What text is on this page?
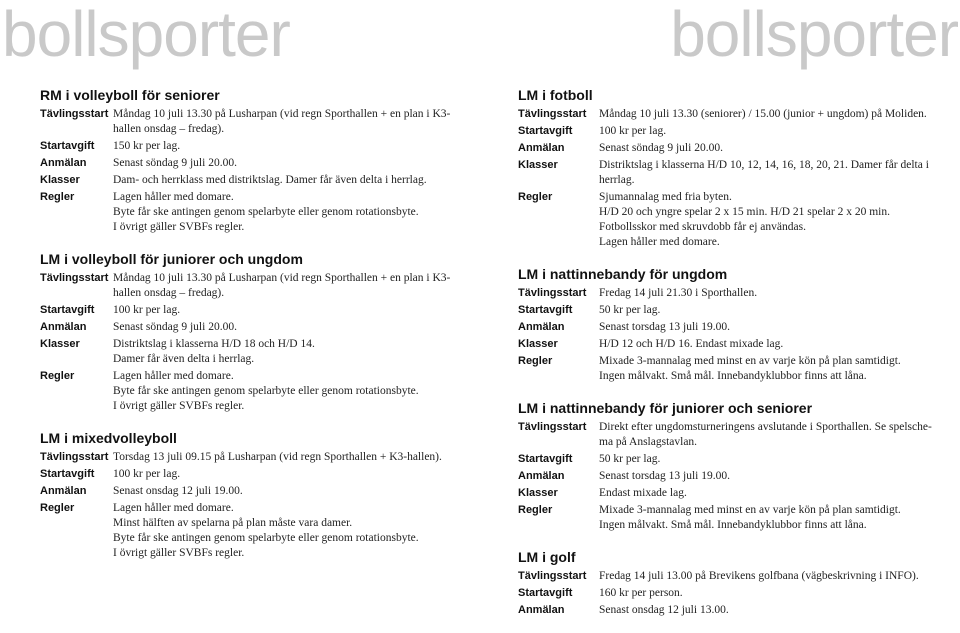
bollsporter	bollsporter
RM i volleyboll för seniorer
Tävlingsstart Måndag 10 juli 13.30 på Lusharpan (vid regn Sporthallen + en plan i K3-
hallen onsdag – fredag).
Startavgift	150 kr per lag.
Anmälan	Senast söndag 9 juli 20.00.
Klasser	Dam- och herrklass med distriktslag. Damer får även delta i herrlag.
Regler	Lagen håller med domare.
Byte får ske antingen genom spelarbyte eller genom rotationsbyte.
I övrigt gäller SVBFs regler.
LM i volleyboll för juniorer och ungdom
Tävlingsstart Måndag 10 juli 13.30 på Lusharpan (vid regn Sporthallen + en plan i K3-
hallen onsdag – fredag).
Startavgift	100 kr per lag.
Anmälan	Senast söndag 9 juli 20.00.
Klasser	Distriktslag i klasserna H/D 18 och H/D 14.
Damer får även delta i herrlag.
Regler	Lagen håller med domare.
Byte får ske antingen genom spelarbyte eller genom rotationsbyte.
I övrigt gäller SVBFs regler.
LM i mixedvolleyboll
Tävlingsstart Torsdag 13 juli 09.15 på Lusharpan (vid regn Sporthallen + K3-hallen).
Startavgift	100 kr per lag.
Anmälan	Senast onsdag 12 juli 19.00.
Regler	Lagen håller med domare.
Minst hälften av spelarna på plan måste vara damer.
Byte får ske antingen genom spelarbyte eller genom rotationsbyte.
I övrigt gäller SVBFs regler.
LM i fotboll
Tävlingsstart	Måndag 10 juli 13.30 (seniorer) / 15.00 (junior + ungdom) på Moliden.
Startavgift	100 kr per lag.
Anmälan	Senast söndag 9 juli 20.00.
Klasser	Distriktslag i klasserna H/D 10, 12, 14, 16, 18, 20, 21. Damer får delta i
herrlag.
Regler	Sjumannalag med fria byten.
H/D 20 och yngre spelar 2 x 15 min. H/D 21 spelar 2 x 20 min.
Fotbollsskor med skruvdobb får ej användas.
Lagen håller med domare.
LM i nattinnebandy för ungdom
Tävlingsstart	Fredag 14 juli 21.30 i Sporthallen.
Startavgift	50 kr per lag.
Anmälan	Senast torsdag 13 juli 19.00.
Klasser	H/D 12 och H/D 16. Endast mixade lag.
Regler	Mixade 3-mannalag med minst en av varje kön på plan samtidigt.
Ingen målvakt. Små mål. Innebandyklubbor finns att låna.
LM i nattinnebandy för juniorer och seniorer
Tävlingsstart	Direkt efter ungdomsturneringens avslutande i Sporthallen. Se spelsche-
ma på Anslagstavlan.
Startavgift	50 kr per lag.
Anmälan	Senast torsdag 13 juli 19.00.
Klasser	Endast mixade lag.
Regler	Mixade 3-mannalag med minst en av varje kön på plan samtidigt.
Ingen målvakt. Små mål. Innebandyklubbor finns att låna.
LM i golf
Tävlingsstart	Fredag 14 juli 13.00 på Brevikens golfbana (vägbeskrivning i INFO).
Startavgift	160 kr per person.
Anmälan	Senast onsdag 12 juli 13.00.
